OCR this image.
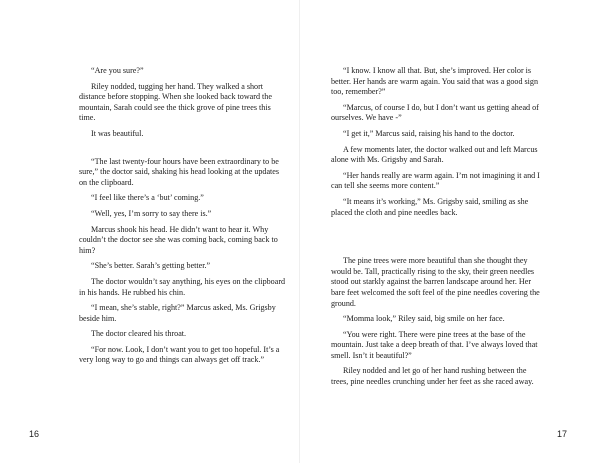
“Are you sure?”

Riley nodded, tugging her hand. They walked a short distance before stopping. When she looked back toward the mountain, Sarah could see the thick grove of pine trees this time.

It was beautiful.

“The last twenty-four hours have been extraordinary to be sure,” the doctor said, shaking his head looking at the updates on the clipboard.

“I feel like there’s a ‘but’ coming.”

“Well, yes, I’m sorry to say there is.”

Marcus shook his head. He didn’t want to hear it. Why couldn’t the doctor see she was coming back, coming back to him?

“She’s better. Sarah’s getting better.”

The doctor wouldn’t say anything, his eyes on the clipboard in his hands. He rubbed his chin.

“I mean, she’s stable, right?” Marcus asked, Ms. Grigsby beside him.

The doctor cleared his throat.

“For now. Look, I don’t want you to get too hopeful. It’s a very long way to go and things can always get off track.”

“I know. I know all that. But, she’s improved. Her color is better. Her hands are warm again. You said that was a good sign too, remember?”

“Marcus, of course I do, but I don’t want us getting ahead of ourselves. We have -”

“I get it,” Marcus said, raising his hand to the doctor.

A few moments later, the doctor walked out and left Marcus alone with Ms. Grigsby and Sarah.

“Her hands really are warm again. I’m not imagining it and I can tell she seems more content.”

“It means it’s working,” Ms. Grigsby said, smiling as she placed the cloth and pine needles back.

The pine trees were more beautiful than she thought they would be. Tall, practically rising to the sky, their green needles stood out starkly against the barren landscape around her. Her bare feet welcomed the soft feel of the pine needles covering the ground.

“Momma look,” Riley said, big smile on her face.

“You were right. There were pine trees at the base of the mountain. Just take a deep breath of that. I’ve always loved that smell. Isn’t it beautiful?”

Riley nodded and let go of her hand rushing between the trees, pine needles crunching under her feet as she raced away.

16	17
